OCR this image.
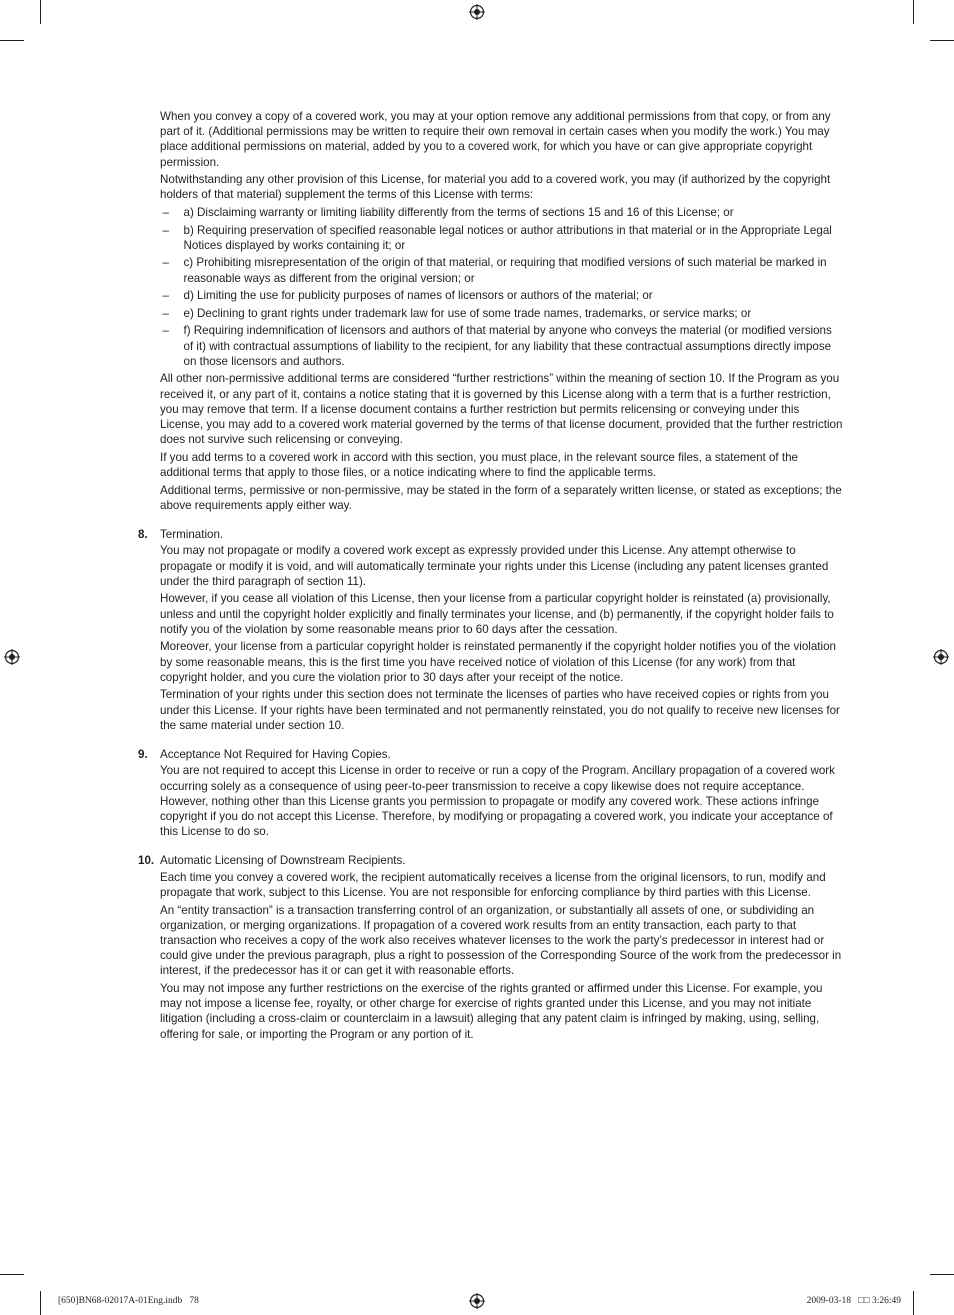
When you convey a copy of a covered work, you may at your option remove any additional permissions from that copy, or from any part of it. (Additional permissions may be written to require their own removal in certain cases when you modify the work.) You may place additional permissions on material, added by you to a covered work, for which you have or can give appropriate copyright permission.

Notwithstanding any other provision of this License, for material you add to a covered work, you may (if authorized by the copyright holders of that material) supplement the terms of this License with terms:

– a) Disclaiming warranty or limiting liability differently from the terms of sections 15 and 16 of this License; or
– b) Requiring preservation of specified reasonable legal notices or author attributions in that material or in the Appropriate Legal Notices displayed by works containing it; or
– c) Prohibiting misrepresentation of the origin of that material, or requiring that modified versions of such material be marked in reasonable ways as different from the original version; or
– d) Limiting the use for publicity purposes of names of licensors or authors of the material; or
– e) Declining to grant rights under trademark law for use of some trade names, trademarks, or service marks; or
– f) Requiring indemnification of licensors and authors of that material by anyone who conveys the material (or modified versions of it) with contractual assumptions of liability to the recipient, for any liability that these contractual assumptions directly impose on those licensors and authors.

All other non-permissive additional terms are considered “further restrictions” within the meaning of section 10. If the Program as you received it, or any part of it, contains a notice stating that it is governed by this License along with a term that is a further restriction, you may remove that term. If a license document contains a further restriction but permits relicensing or conveying under this License, you may add to a covered work material governed by the terms of that license document, provided that the further restriction does not survive such relicensing or conveying.

If you add terms to a covered work in accord with this section, you must place, in the relevant source files, a statement of the additional terms that apply to those files, or a notice indicating where to find the applicable terms.

Additional terms, permissive or non-permissive, may be stated in the form of a separately written license, or stated as exceptions; the above requirements apply either way.

8. Termination.

You may not propagate or modify a covered work except as expressly provided under this License. Any attempt otherwise to propagate or modify it is void, and will automatically terminate your rights under this License (including any patent licenses granted under the third paragraph of section 11).

However, if you cease all violation of this License, then your license from a particular copyright holder is reinstated (a) provisionally, unless and until the copyright holder explicitly and finally terminates your license, and (b) permanently, if the copyright holder fails to notify you of the violation by some reasonable means prior to 60 days after the cessation.

Moreover, your license from a particular copyright holder is reinstated permanently if the copyright holder notifies you of the violation by some reasonable means, this is the first time you have received notice of violation of this License (for any work) from that copyright holder, and you cure the violation prior to 30 days after your receipt of the notice.

Termination of your rights under this section does not terminate the licenses of parties who have received copies or rights from you under this License. If your rights have been terminated and not permanently reinstated, you do not qualify to receive new licenses for the same material under section 10.

9. Acceptance Not Required for Having Copies.

You are not required to accept this License in order to receive or run a copy of the Program. Ancillary propagation of a covered work occurring solely as a consequence of using peer-to-peer transmission to receive a copy likewise does not require acceptance. However, nothing other than this License grants you permission to propagate or modify any covered work. These actions infringe copyright if you do not accept this License. Therefore, by modifying or propagating a covered work, you indicate your acceptance of this License to do so.

10. Automatic Licensing of Downstream Recipients.

Each time you convey a covered work, the recipient automatically receives a license from the original licensors, to run, modify and propagate that work, subject to this License. You are not responsible for enforcing compliance by third parties with this License.

An “entity transaction” is a transaction transferring control of an organization, or substantially all assets of one, or subdividing an organization, or merging organizations. If propagation of a covered work results from an entity transaction, each party to that transaction who receives a copy of the work also receives whatever licenses to the work the party’s predecessor in interest had or could give under the previous paragraph, plus a right to possession of the Corresponding Source of the work from the predecessor in interest, if the predecessor has it or can get it with reasonable efforts.

You may not impose any further restrictions on the exercise of the rights granted or affirmed under this License. For example, you may not impose a license fee, royalty, or other charge for exercise of rights granted under this License, and you may not initiate litigation (including a cross-claim or counterclaim in a lawsuit) alleging that any patent claim is infringed by making, using, selling, offering for sale, or importing the Program or any portion of it.

[650]BN68-02017A-01Eng.indb   78	2009-03-18   □□ 3:26:49
